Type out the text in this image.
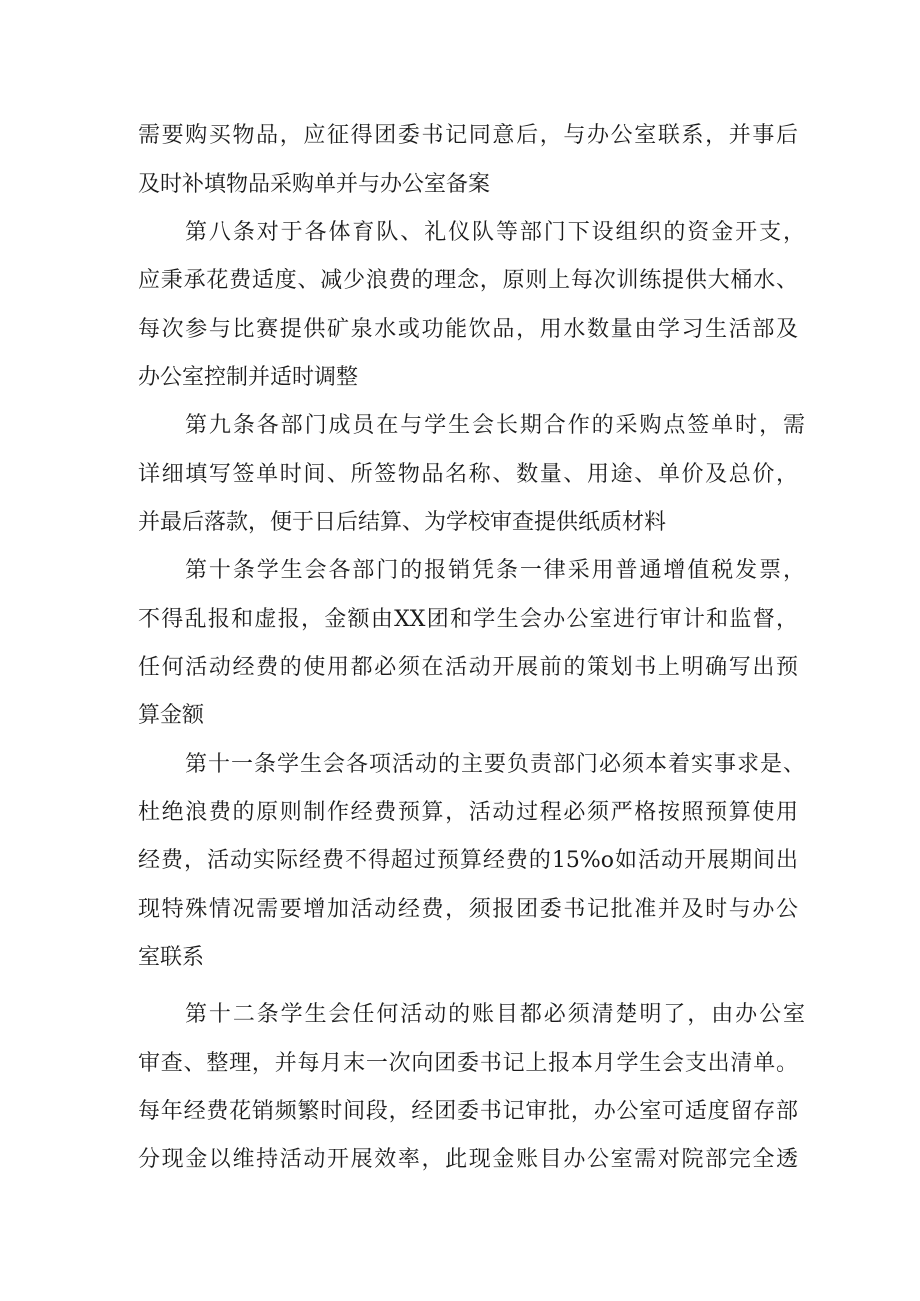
需要购买物品，应征得团委书记同意后，与办公室联系，并事后
及时补填物品采购单并与办公室备案
第八条对于各体育队、礼仪队等部门下设组织的资金开支，
应秉承花费适度、减少浪费的理念，原则上每次训练提供大桶水、
每次参与比赛提供矿泉水或功能饮品，用水数量由学习生活部及
办公室控制并适时调整
第九条各部门成员在与学生会长期合作的采购点签单时，需
详细填写签单时间、所签物品名称、数量、用途、单价及总价，
并最后落款，便于日后结算、为学校审查提供纸质材料
第十条学生会各部门的报销凭条一律采用普通增值税发票，
不得乱报和虚报，金额由XX团和学生会办公室进行审计和监督，
任何活动经费的使用都必须在活动开展前的策划书上明确写出预
算金额
第十一条学生会各项活动的主要负责部门必须本着实事求是、
杜绝浪费的原则制作经费预算，活动过程必须严格按照预算使用
经费，活动实际经费不得超过预算经费的15%o如活动开展期间出
现特殊情况需要增加活动经费，须报团委书记批准并及时与办公
室联系
第十二条学生会任何活动的账目都必须清楚明了，由办公室
审查、整理，并每月末一次向团委书记上报本月学生会支出清单。
每年经费花销频繁时间段，经团委书记审批，办公室可适度留存部
分现金以维持活动开展效率，此现金账目办公室需对院部完全透
